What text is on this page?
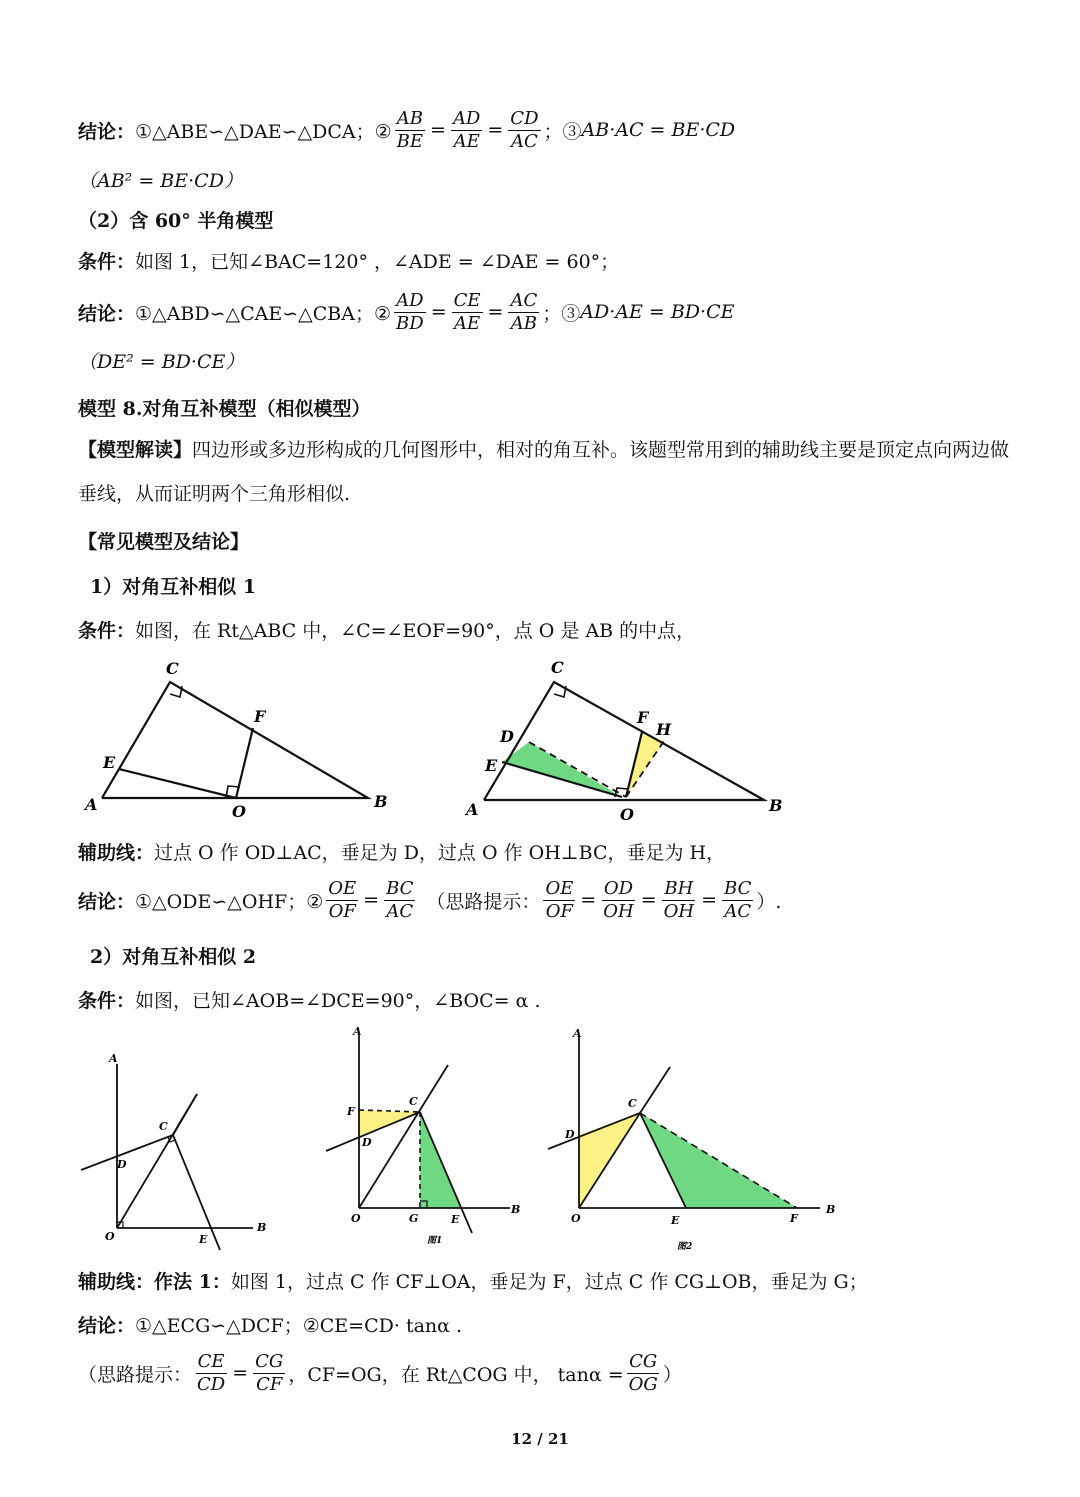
结论： ①△ABE∽△DAE∽△DCA；② $\frac{AB}{BE} = \frac{AD}{AE} = \frac{CD}{AC}$ ；③ AB·AC = BE·CD
（AB² = BE·CD）
（2）含 60° 半角模型
条件： 如图 1，已知∠BAC=120° ，∠ADE = ∠DAE = 60°；
结论： ①△ABD∽△CAE∽△CBA；② $\frac{AD}{BD} = \frac{CE}{AE} = \frac{AC}{AB}$ ；③ AD·AE = BD·CE
（DE² = BD·CE）
模型 8.对角互补模型（相似模型）
【模型解读】四边形或多边形构成的几何图形中，相对的角互补。该题型常用到的辅助线主要是顶定点向两边做垂线，从而证明两个三角形相似.
【常见模型及结论】
1）对角互补相似 1
条件： 如图，在 Rt△ABC 中，∠C=∠EOF=90°，点 O 是 AB 的中点，
A
C
F
E
O
B	A
C
D
E
F
H
O	B
辅助线： 过点 O 作 OD⊥AC，垂足为 D，过点 O 作 OH⊥BC，垂足为 H，
结论： ①△ODE∽△OHF；② $\frac{OE}{OF} = \frac{BC}{AC}$ （思路提示： $\frac{OE}{OF} = \frac{OD}{OH} = \frac{BH}{OH} = \frac{BC}{AC}$ ）.
2）对角互补相似 2
条件： 如图，已知∠AOB=∠DCE=90°，∠BOC= α .
A
C
D
O	E
B
A
F
C
D
O	G	E
B
图1
A
C
D
O	E	F
B
图2
辅助线：作法 1： 如图 1，过点 C 作 CF⊥OA，垂足为 F，过点 C 作 CG⊥OB，垂足为 G；
结论： ①△ECG∽△DCF；②CE=CD· tanα .
（思路提示： $\frac{CE}{CD} = \frac{CG}{CF}$ ，CF=OG，在 Rt△COG 中， $\tan\alpha = \frac{CG}{OG}$ ）
12 / 21
